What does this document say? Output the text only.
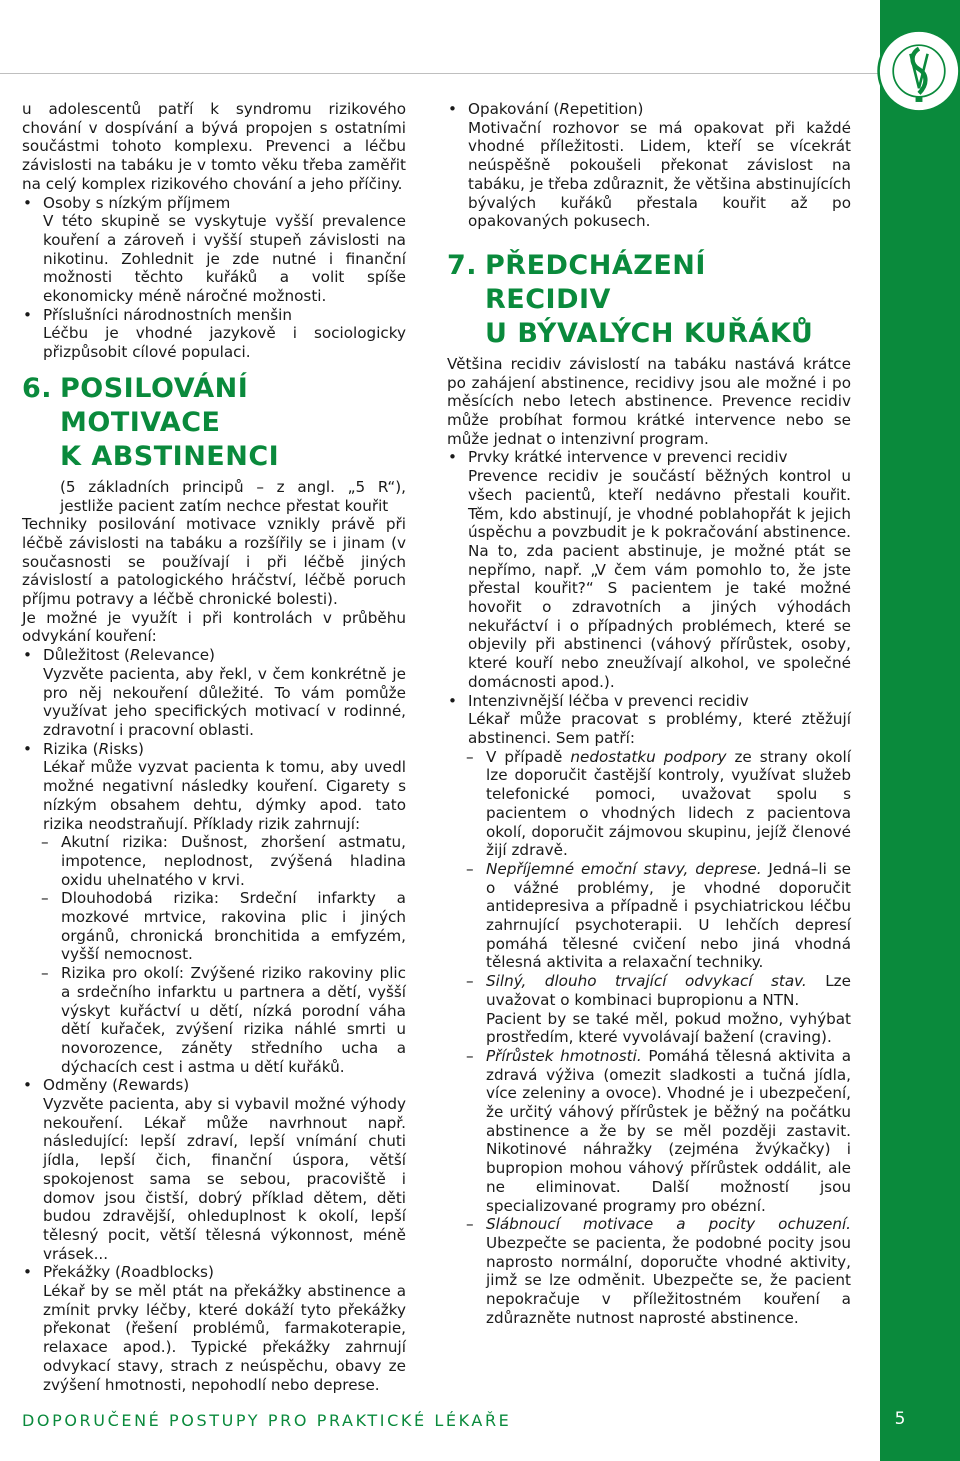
u adolescentů patří k syndromu rizikového chování v dospívání a bývá propojen s ostatními součástmi tohoto komplexu. Prevenci a léčbu závislosti na tabáku je v tomto věku třeba zaměřit na celý komplex rizikového chování a jeho příčiny.

• Osoby s nízkým příjmem
V této skupině se vyskytuje vyšší prevalence kouření a zároveň i vyšší stupeň závislosti na nikotinu. Zohlednit je zde nutné i finanční možnosti těchto kuřáků a volit spíše ekonomicky méně náročné možnosti.
• Příslušníci národnostních menšin
Léčbu je vhodné jazykově i sociologicky přizpůsobit cílové populaci.
6. POSILOVÁNÍ
MOTIVACE
K ABSTINENCI

(5 základních principů – z angl. „5 R“), jestliže pacient zatím nechce přestat kouřit

Techniky posilování motivace vznikly právě při léčbě závislosti na tabáku a rozšířily se i jinam (v současnosti se používají i při léčbě jiných závislostí a patologického hráčství, léčbě poruch příjmu potravy a léčbě chronické bolesti).

Je možné je využít i při kontrolách v průběhu odvykání kouření:

• Důležitost (Relevance)
Vyzvěte pacienta, aby řekl, v čem konkrétně je pro něj nekouření důležité. To vám pomůže využívat jeho specifických motivací v rodinné, zdravotní i pracovní oblasti.
• Rizika (Risks)
Lékař může vyzvat pacienta k tomu, aby uvedl možné negativní následky kouření. Cigarety s nízkým obsahem dehtu, dýmky apod. tato rizika neodstraňují. Příklady rizik zahrnují:

– Akutní rizika: Dušnost, zhoršení astmatu, impotence, neplodnost, zvýšená hladina oxidu uhelnatého v krvi.

– Dlouhodobá rizika: Srdeční infarkty a mozkové mrtvice, rakovina plic i jiných orgánů, chronická bronchitida a emfyzém, vyšší nemocnost.

– Rizika pro okolí: Zvýšené riziko rakoviny plic a srdečního infarktu u partnera a dětí, vyšší výskyt kuřáctví u dětí, nízká porodní váha dětí kuřaček, zvýšení rizika náhlé smrti u novorozence, záněty středního ucha a dýchacích cest i astma u dětí kuřáků.

• Odměny (Rewards)
Vyzvěte pacienta, aby si vybavil možné výhody nekouření. Lékař může navrhnout např. následující: lepší zdraví, lepší vnímání chuti jídla, lepší čich, finanční úspora, větší spokojenost sama se sebou, pracoviště i domov jsou čistší, dobrý příklad dětem, děti budou zdravější, ohleduplnost k okolí, lepší tělesný pocit, větší tělesná výkonnost, méně vrásek...
• Překážky (Roadblocks)
Lékař by se měl ptát na překážky abstinence a zmínit prvky léčby, které dokáží tyto překážky překonat (řešení problémů, farmakoterapie, relaxace apod.). Typické překážky zahrnují odvykací stavy, strach z neúspěchu, obavy ze zvýšení hmotnosti, nepohodlí nebo deprese.
• Opakování (Repetition)
Motivační rozhovor se má opakovat při každé vhodné příležitosti. Lidem, kteří se vícekrát neúspěšně pokoušeli překonat závislost na tabáku, je třeba zdůraznit, že většina abstinujících bývalých kuřáků přestala kouřit až po opakovaných pokusech.
7. PŘEDCHÁZENÍ
RECIDIV
U BÝVALÝCH KUŘÁKŮ

Většina recidiv závislostí na tabáku nastává krátce po zahájení abstinence, recidivy jsou ale možné i po měsících nebo letech abstinence. Prevence recidiv může probíhat formou krátké intervence nebo se může jednat o intenzivní program.

• Prvky krátké intervence v prevenci recidiv
Prevence recidiv je součástí běžných kontrol u všech pacientů, kteří nedávno přestali kouřit. Těm, kdo abstinují, je vhodné poblahopřát k jejich úspěchu a povzbudit je k pokračování abstinence. Na to, zda pacient abstinuje, je možné ptát se nepřímo, např. „V čem vám pomohlo to, že jste přestal kouřit?“ S pacientem je také možné hovořit o zdravotních a jiných výhodách nekuřáctví i o případných problémech, které se objevily při abstinenci (váhový přírůstek, osoby, které kouří nebo zneužívají alkohol, ve společné domácnosti apod.).
• Intenzivnější léčba v prevenci recidiv
Lékař může pracovat s problémy, které ztěžují abstinenci. Sem patří:

– V případě nedostatku podpory ze strany okolí lze doporučit častější kontroly, využívat služeb telefonické pomoci, uvažovat spolu s pacientem o vhodných lidech z pacientova okolí, doporučit zájmovou skupinu, jejíž členové žijí zdravě.

– Nepříjemné emoční stavy, deprese. Jedná–li se o vážné problémy, je vhodné doporučit antidepresiva a případně i psychiatrickou léčbu zahrnující psychoterapii. U lehčích depresí pomáhá tělesné cvičení nebo jiná vhodná tělesná aktivita a relaxační techniky.

– Silný, dlouho trvající odvykací stav. Lze uvažovat o kombinaci bupropionu a NTN.
Pacient by se také měl, pokud možno, vyhýbat prostředím, které vyvolávají bažení (craving).

– Přírůstek hmotnosti. Pomáhá tělesná aktivita a zdravá výživa (omezit sladkosti a tučná jídla, více zeleniny a ovoce). Vhodné je i ubezpečení, že určitý váhový přírůstek je běžný na počátku abstinence a že by se měl později zastavit. Nikotinové náhražky (zejména žvýkačky) i bupropion mohou váhový přírůstek oddálit, ale ne eliminovat. Další možností jsou specializované programy pro obézní.

– Slábnoucí motivace a pocity ochuzení. Ubezpečte se pacienta, že podobné pocity jsou naprosto normální, doporučte vhodné aktivity, jimž se lze odměnit. Ubezpečte se, že pacient nepokračuje v příležitostném kouření a zdůrazněte nutnost naprosté abstinence.

DOPORUČENÉ POSTUPY PRO PRAKTICKÉ LÉKAŘE	5
